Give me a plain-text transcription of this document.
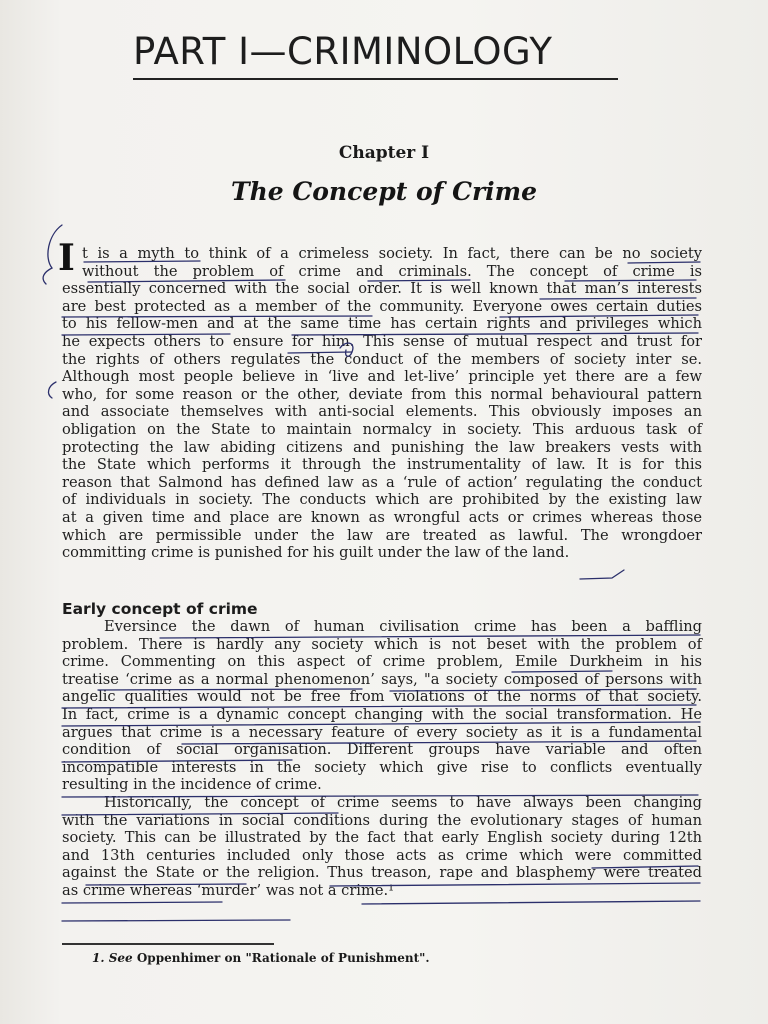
PART I—CRIMINOLOGY
Chapter I
The Concept of Crime
I t is a myth to think of a crimeless society. In fact, there can be no society
without the problem of crime and criminals. The concept of crime is
essentially concerned with the social order. It is well known that man’s interests
are best protected as a member of the community. Everyone owes certain duties
to his fellow-men and at the same time has certain rights and privileges which
he expects others to ensure for him. This sense of mutual respect and trust for
the rights of others regulates the conduct of the members of society inter se.
Although most people believe in ‘live and let-live’ principle yet there are a few
who, for some reason or the other, deviate from this normal behavioural pattern
and associate themselves with anti-social elements. This obviously imposes an
obligation on the State to maintain normalcy in society. This arduous task of
protecting the law abiding citizens and punishing the law breakers vests with
the State which performs it through the instrumentality of law. It is for this
reason that Salmond has defined law as a ‘rule of action’ regulating the conduct
of individuals in society. The conducts which are prohibited by the existing law
at a given time and place are known as wrongful acts or crimes whereas those
which are permissible under the law are treated as lawful. The wrongdoer
committing crime is punished for his guilt under the law of the land.
Early concept of crime
Eversince the dawn of human civilisation crime has been a baffling
problem. There is hardly any society which is not beset with the problem of
crime. Commenting on this aspect of crime problem, Emile Durkheim in his
treatise ‘crime as a normal phenomenon’ says, "a society composed of persons with
angelic qualities would not be free from violations of the norms of that society.
In fact, crime is a dynamic concept changing with the social transformation. He
argues that crime is a necessary feature of every society as it is a fundamental
condition of social organisation. Different groups have variable and often
incompatible interests in the society which give rise to conflicts eventually
resulting in the incidence of crime.
Historically, the concept of crime seems to have always been changing
with the variations in social conditions during the evolutionary stages of human
society. This can be illustrated by the fact that early English society during 12th
and 13th centuries included only those acts as crime which were committed
against the State or the religion. Thus treason, rape and blasphemy were treated
as crime whereas ‘murder’ was not a crime.¹
1. See Oppenhimer on "Rationale of Punishment".
